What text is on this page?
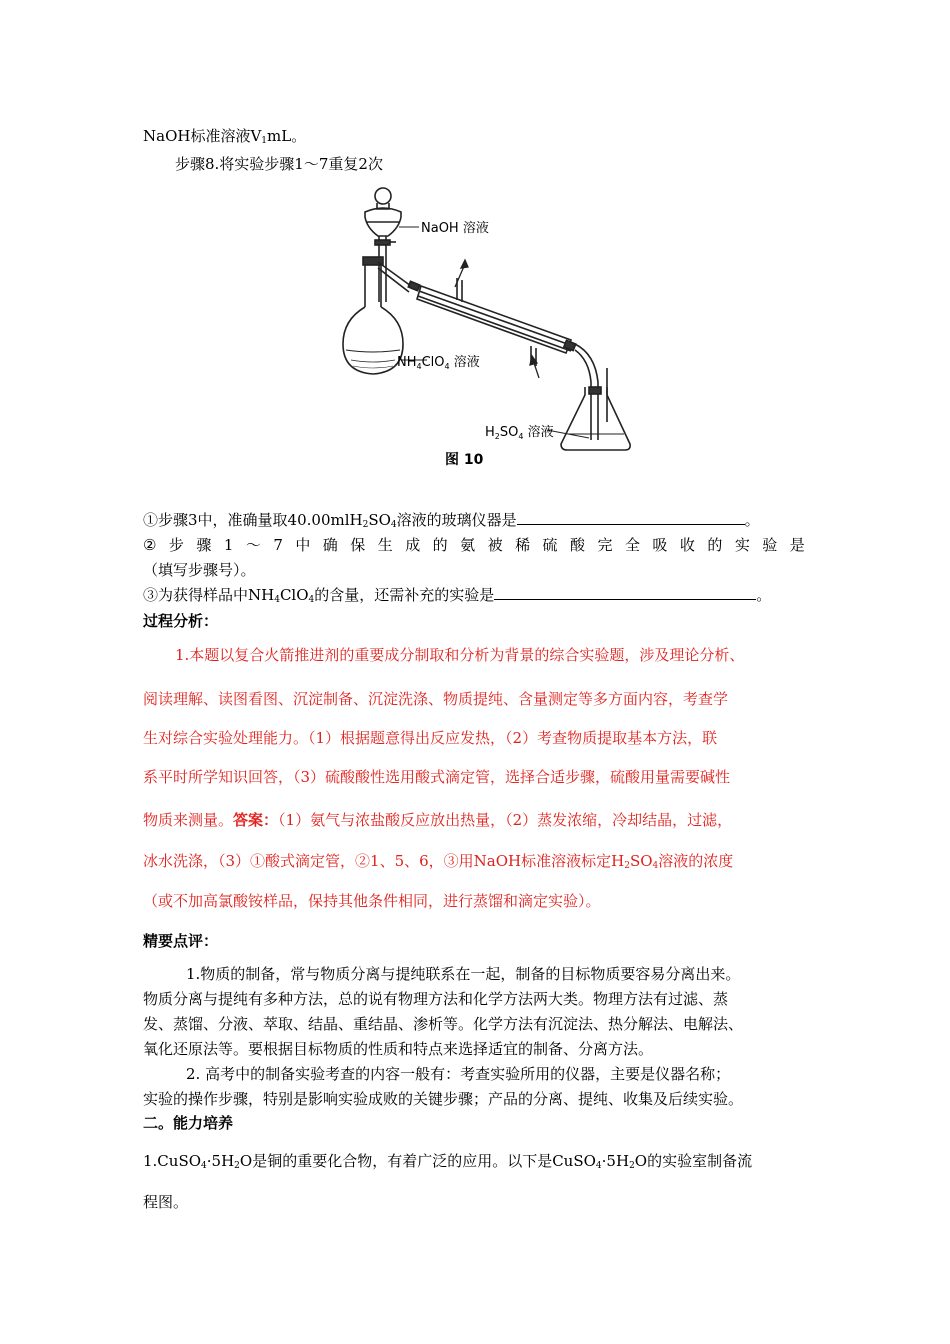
NaOH标准溶液$V_1mL$。
步骤8.将实验步骤1～7重复2次
NaOH 溶液
$NH_4ClO_4$ 溶液
$H_2SO_4$ 溶液
图 10
①步骤3中，准确量取$40.00mlH_2SO_4$溶液的玻璃仪器是	。
② 步 骤 1 ～ 7 中 确 保 生 成 的 氨 被 稀 硫 酸 完 全 吸 收 的 实 验 是
（填写步骤号）。
③为获得样品中$NH_4ClO_4$的含量，还需补充的实验是	。
过程分析：
1.本题以复合火箭推进剂的重要成分制取和分析为背景的综合实验题，涉及理论分析、
阅读理解、读图看图、沉淀制备、沉淀洗涤、物质提纯、含量测定等多方面内容，考查学
生对综合实验处理能力。（1）根据题意得出反应发热，（2）考查物质提取基本方法，联
系平时所学知识回答，（3）硫酸酸性选用酸式滴定管，选择合适步骤，硫酸用量需要碱性
物质来测量。答案：（1）氨气与浓盐酸反应放出热量，（2）蒸发浓缩，冷却结晶，过滤，
冰水洗涤，（3）①酸式滴定管，②1、5、6，③用NaOH标准溶液标定$H_2SO_4$溶液的浓度
（或不加高氯酸铵样品，保持其他条件相同，进行蒸馏和滴定实验）。
精要点评：
1.物质的制备，常与物质分离与提纯联系在一起，制备的目标物质要容易分离出来。
物质分离与提纯有多种方法，总的说有物理方法和化学方法两大类。物理方法有过滤、蒸
发、蒸馏、分液、萃取、结晶、重结晶、渗析等。化学方法有沉淀法、热分解法、电解法、
氧化还原法等。要根据目标物质的性质和特点来选择适宜的制备、分离方法。
2. 高考中的制备实验考查的内容一般有：考查实验所用的仪器，主要是仪器名称；
实验的操作步骤，特别是影响实验成败的关键步骤；产品的分离、提纯、收集及后续实验。
二。能力培养
$1.CuSO_4\cdot 5H_2O$是铜的重要化合物，有着广泛的应用。以下是$CuSO_4\cdot 5H_2O$的实验室制备流
程图。
